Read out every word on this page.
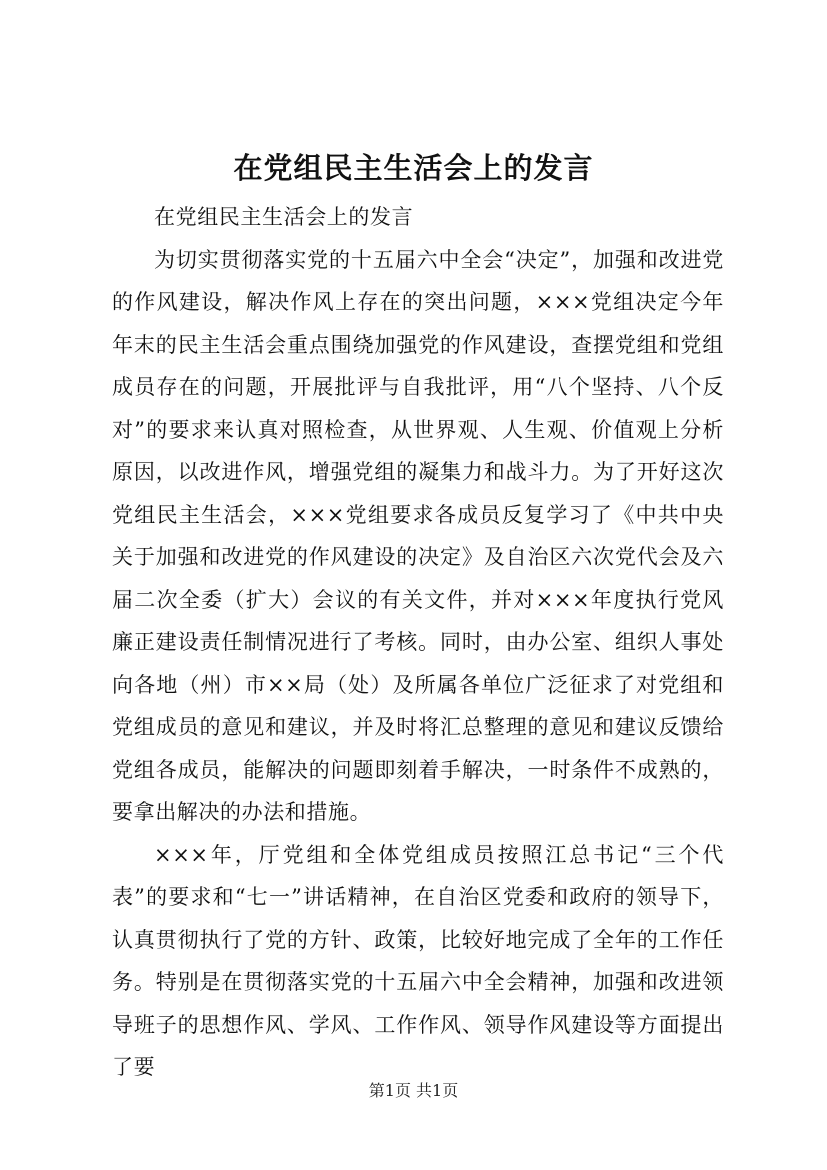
在党组民主生活会上的发言

在党组民主生活会上的发言

为切实贯彻落实党的十五届六中全会“决定”，加强和改进党的作风建设，解决作风上存在的突出问题，×××党组决定今年年末的民主生活会重点围绕加强党的作风建设，查摆党组和党组成员存在的问题，开展批评与自我批评，用“八个坚持、八个反对”的要求来认真对照检查，从世界观、人生观、价值观上分析原因，以改进作风，增强党组的凝集力和战斗力。为了开好这次党组民主生活会，×××党组要求各成员反复学习了《中共中央关于加强和改进党的作风建设的决定》及自治区六次党代会及六届二次全委（扩大）会议的有关文件，并对×××年度执行党风廉正建设责任制情况进行了考核。同时，由办公室、组织人事处向各地（州）市××局（处）及所属各单位广泛征求了对党组和党组成员的意见和建议，并及时将汇总整理的意见和建议反馈给党组各成员，能解决的问题即刻着手解决，一时条件不成熟的，要拿出解决的办法和措施。

×××年，厅党组和全体党组成员按照江总书记“三个代表”的要求和“七一”讲话精神，在自治区党委和政府的领导下，认真贯彻执行了党的方针、政策，比较好地完成了全年的工作任务。特别是在贯彻落实党的十五届六中全会精神，加强和改进领导班子的思想作风、学风、工作作风、领导作风建设等方面提出了要

第1页 共1页
